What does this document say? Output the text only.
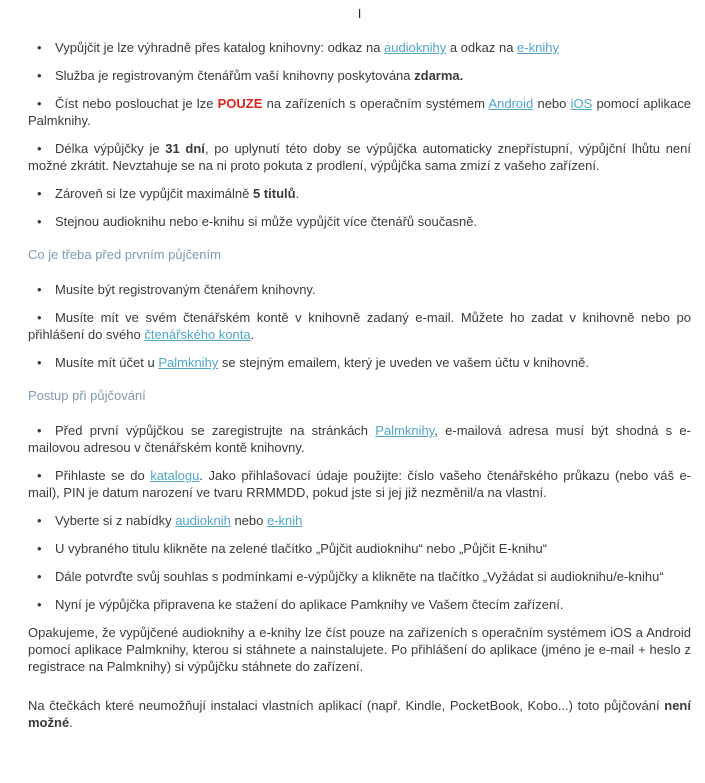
I
• Vypůjčit je lze výhradně přes katalog knihovny: odkaz na audioknihy a odkaz na e-knihy
• Služba je registrovaným čtenářům vaší knihovny poskytována zdarma.
• Číst nebo poslouchat je lze POUZE na zařízeních s operačním systémem Android nebo iOS pomocí aplikace Palmknihy.
• Délka výpůjčky je 31 dní, po uplynutí této doby se výpůjčka automaticky znepřístupní, výpůjční lhůtu není možné zkrátit. Nevztahuje se na ni proto pokuta z prodlení, výpůjčka sama zmizí z vašeho zařízení.
• Zároveň si lze vypůjčit maximálně 5 titulů.
• Stejnou audioknihu nebo e-knihu si může vypůjčit více čtenářů současně.
Co je třeba před prvním půjčením
• Musíte být registrovaným čtenářem knihovny.
• Musíte mít ve svém čtenářském kontě v knihovně zadaný e-mail. Můžete ho zadat v knihovně nebo po přihlášení do svého čtenářského konta.
• Musíte mít účet u Palmknihy se stejným emailem, který je uveden ve vašem účtu v knihovně.
Postup při půjčování
• Před první výpůjčkou se zaregistrujte na stránkách Palmknihy, e-mailová adresa musí být shodná s e-mailovou adresou v čtenářském kontě knihovny.
• Přihlaste se do katalogu. Jako přihlašovací údaje použijte: číslo vašeho čtenářského průkazu (nebo váš e-mail), PIN je datum narození ve tvaru RRMMDD, pokud jste si jej již nezměnil/a na vlastní.
• Vyberte si z nabídky audioknih nebo e-knih
• U vybraného titulu klikněte na zelené tlačítko „Půjčit audioknihu“ nebo „Půjčit E-knihu“
• Dále potvrďte svůj souhlas s podmínkami e-výpůjčky a klikněte na tlačítko „Vyžádat si audioknihu/e-knihu“
• Nyní je výpůjčka připravena ke stažení do aplikace Pamknihy ve Vašem čtecím zařízení.

Opakujeme, že vypůjčené audioknihy a e-knihy lze číst pouze na zařízeních s operačním systémem iOS a Android pomocí aplikace Palmknihy, kterou si stáhnete a nainstalujete. Po přihlášení do aplikace (jméno je e-mail + heslo z registrace na Palmknihy) si výpůjčku stáhnete do zařízení.

Na čtečkách které neumožňují instalaci vlastních aplikací (např. Kindle, PocketBook, Kobo...) toto půjčování není možné.
